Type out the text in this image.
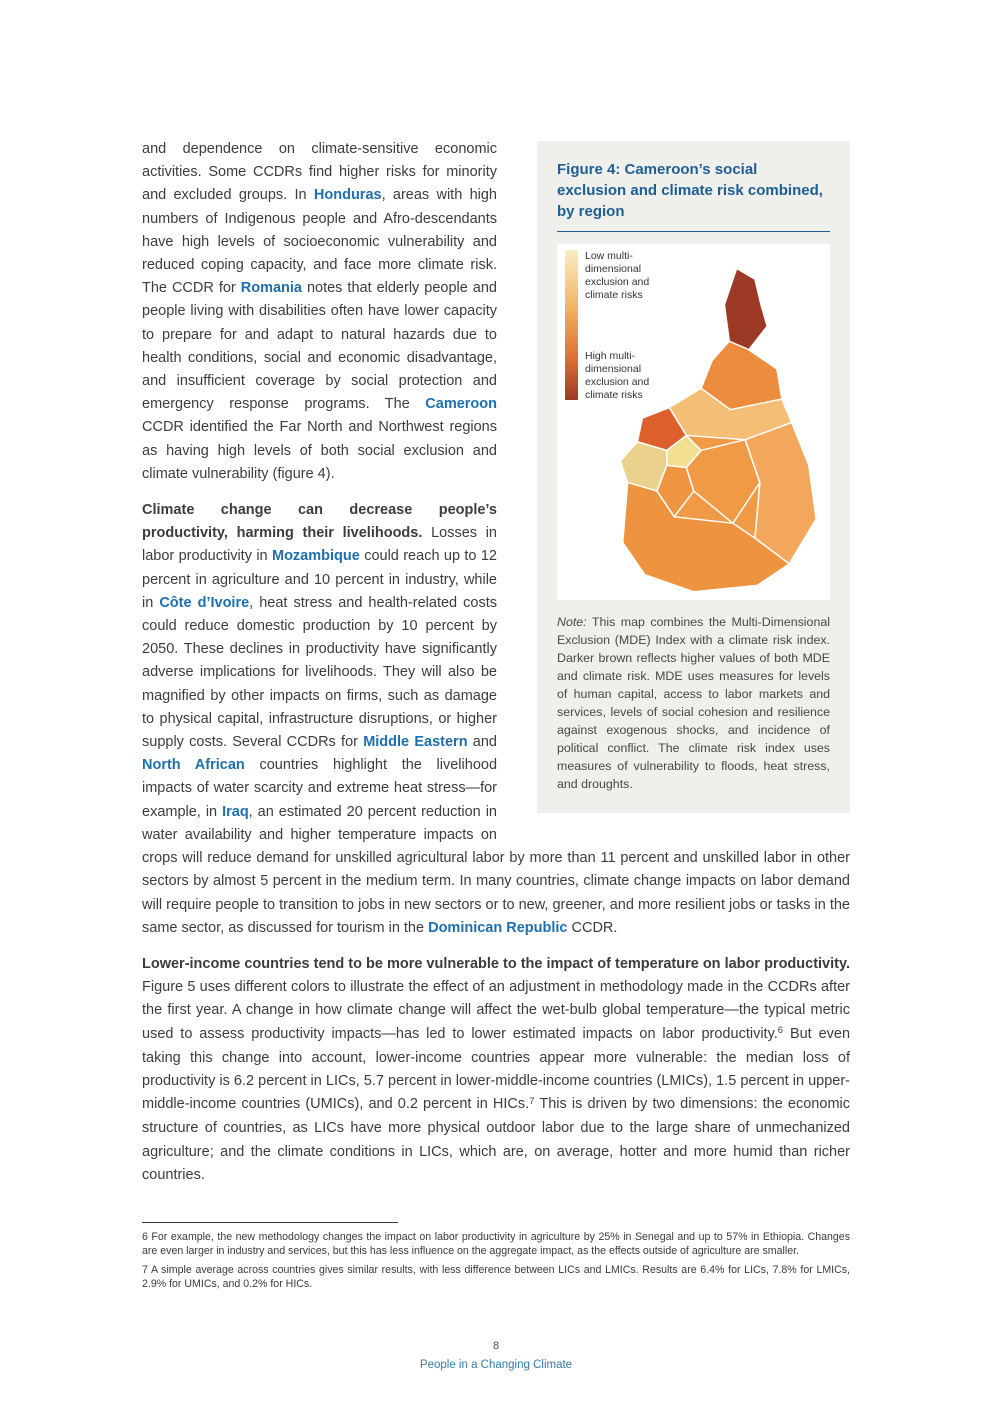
Figure 4: Cameroon’s social exclusion and climate risk combined, by region
Low multi-dimensional exclusion and climate risks
High multi-dimensional exclusion and climate risks

Note: This map combines the Multi-Dimensional Exclusion (MDE) Index with a climate risk index. Darker brown reflects higher values of both MDE and climate risk. MDE uses measures for levels of human capital, access to labor markets and services, levels of social cohesion and resilience against exogenous shocks, and incidence of political conflict. The climate risk index uses measures of vulnerability to floods, heat stress, and droughts.

and dependence on climate-sensitive economic activities. Some CCDRs find higher risks for minority and excluded groups. In Honduras, areas with high numbers of Indigenous people and Afro-descendants have high levels of socioeconomic vulnerability and reduced coping capacity, and face more climate risk. The CCDR for Romania notes that elderly people and people living with disabilities often have lower capacity to prepare for and adapt to natural hazards due to health conditions, social and economic disadvantage, and insufficient coverage by social protection and emergency response programs. The Cameroon CCDR identified the Far North and Northwest regions as having high levels of both social exclusion and climate vulnerability (figure 4).

Climate change can decrease people’s productivity, harming their livelihoods. Losses in labor productivity in Mozambique could reach up to 12 percent in agriculture and 10 percent in industry, while in Côte d’Ivoire, heat stress and health-related costs could reduce domestic production by 10 percent by 2050. These declines in productivity have significantly adverse implications for livelihoods. They will also be magnified by other impacts on firms, such as damage to physical capital, infrastructure disruptions, or higher supply costs. Several CCDRs for Middle Eastern and North African countries highlight the livelihood impacts of water scarcity and extreme heat stress—for example, in Iraq, an estimated 20 percent reduction in water availability and higher temperature impacts on crops will reduce demand for unskilled agricultural labor by more than 11 percent and unskilled labor in other sectors by almost 5 percent in the medium term. In many countries, climate change impacts on labor demand will require people to transition to jobs in new sectors or to new, greener, and more resilient jobs or tasks in the same sector, as discussed for tourism in the Dominican Republic CCDR.

Lower-income countries tend to be more vulnerable to the impact of temperature on labor productivity. Figure 5 uses different colors to illustrate the effect of an adjustment in methodology made in the CCDRs after the first year. A change in how climate change will affect the wet-bulb global temperature—the typical metric used to assess productivity impacts—has led to lower estimated impacts on labor productivity.$^6$ But even taking this change into account, lower-income countries appear more vulnerable: the median loss of productivity is 6.2 percent in LICs, 5.7 percent in lower-middle-income countries (LMICs), 1.5 percent in upper-middle-income countries (UMICs), and 0.2 percent in HICs.$^7$ This is driven by two dimensions: the economic structure of countries, as LICs have more physical outdoor labor due to the large share of unmechanized agriculture; and the climate conditions in LICs, which are, on average, hotter and more humid than richer countries.

6 For example, the new methodology changes the impact on labor productivity in agriculture by 25% in Senegal and up to 57% in Ethiopia. Changes are even larger in industry and services, but this has less influence on the aggregate impact, as the effects outside of agriculture are smaller.

7 A simple average across countries gives similar results, with less difference between LICs and LMICs. Results are 6.4% for LICs, 7.8% for LMICs, 2.9% for UMICs, and 0.2% for HICs.

8
People in a Changing Climate
